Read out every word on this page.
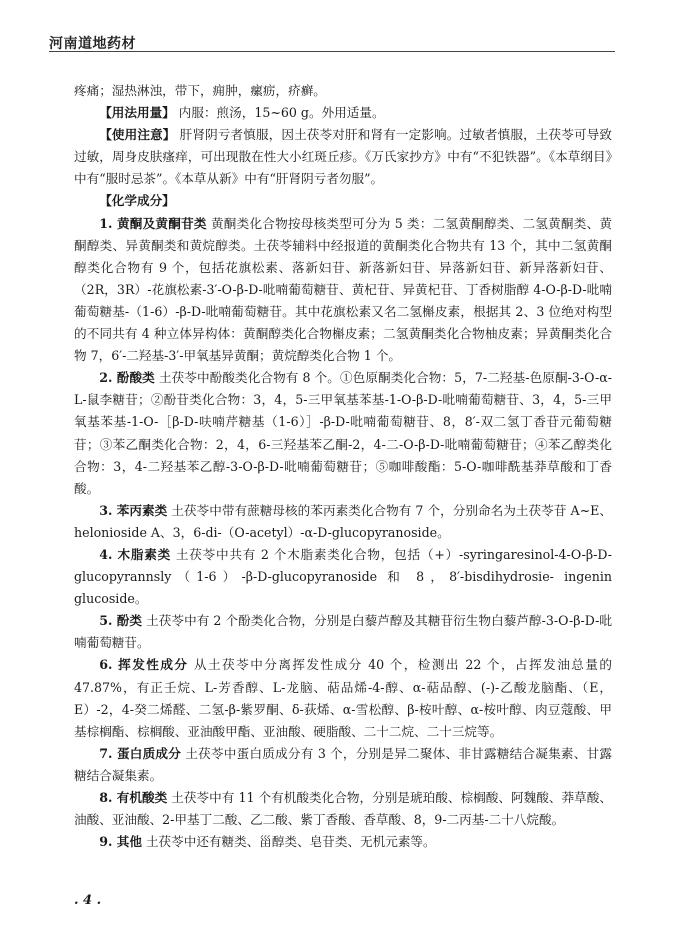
河南道地药材

疼痛；湿热淋浊，带下，痈肿，瘰疬，疥癣。

【用法用量】 内服：煎汤，15~60 g。外用适量。

【使用注意】 肝肾阴亏者慎服，因土茯苓对肝和肾有一定影响。过敏者慎服，土茯苓可导致过敏，周身皮肤瘙痒，可出现散在性大小红斑丘疹。《万氏家抄方》中有“不犯铁器”。《本草纲目》中有“服时忌茶”。《本草从新》中有“肝肾阴亏者勿服”。

【化学成分】

1. 黄酮及黄酮苷类 黄酮类化合物按母核类型可分为 5 类：二氢黄酮醇类、二氢黄酮类、黄酮醇类、异黄酮类和黄烷醇类。土茯苓辅料中经报道的黄酮类化合物共有 13 个，其中二氢黄酮醇类化合物有 9 个，包括花旗松素、落新妇苷、新落新妇苷、异落新妇苷、新异落新妇苷、（2R，3R）-花旗松素-3′-O-β-D-吡喃葡萄糖苷、黄杞苷、异黄杞苷、丁香树脂醇 4-O-β-D-吡喃葡萄糖基-（1-6）-β-D-吡喃葡萄糖苷。其中花旗松素又名二氢槲皮素，根据其 2、3 位绝对构型的不同共有 4 种立体异构体：黄酮醇类化合物槲皮素；二氢黄酮类化合物柚皮素；异黄酮类化合物 7，6′-二羟基-3′-甲氧基异黄酮；黄烷醇类化合物 1 个。

2. 酚酸类 土茯苓中酚酸类化合物有 8 个。①色原酮类化合物：5，7-二羟基-色原酮-3-O-α-L-鼠李糖苷；②酚苷类化合物：3，4，5-三甲氧基苯基-1-O-β-D-吡喃葡萄糖苷、3，4，5-三甲氧基苯基-1-O-［β-D-呋喃芹糖基（1-6）］-β-D-吡喃葡萄糖苷、8，8′-双二氢丁香苷元葡萄糖苷；③苯乙酮类化合物：2，4，6-三羟基苯乙酮-2，4-二-O-β-D-吡喃葡萄糖苷；④苯乙醇类化合物：3，4-二羟基苯乙醇-3-O-β-D-吡喃葡萄糖苷；⑤咖啡酸酯：5-O-咖啡酰基莽草酸和丁香酸。

3. 苯丙素类 土茯苓中带有蔗糖母核的苯丙素类化合物有 7 个，分别命名为土茯苓苷 A~E、helonioside A、3，6-di-（O-acetyl）-α-D-glucopyranoside。

4. 木脂素类 土茯苓中共有 2 个木脂素类化合物，包括（+）-syringaresinol-4-O-β-D-glucopyrannsly（1-6）-β-D-glucopyranoside 和 8，8′-bisdihydrosie- ingenin glucoside。

5. 酚类 土茯苓中有 2 个酚类化合物，分别是白藜芦醇及其糖苷衍生物白藜芦醇-3-O-β-D-吡喃葡萄糖苷。

6. 挥发性成分 从土茯苓中分离挥发性成分 40 个，检测出 22 个，占挥发油总量的 47.87%，有正壬烷、L-芳香醇、L-龙脑、萜品烯-4-醇、α-萜品醇、(-)-乙酸龙脑酯、（E，E）-2，4-癸二烯醛、二氢-β-紫罗酮、δ-荻烯、α-雪松醇、β-桉叶醇、α-桉叶醇、肉豆蔻酸、甲基棕榈酯、棕榈酸、亚油酸甲酯、亚油酸、硬脂酸、二十二烷、二十三烷等。

7. 蛋白质成分 土茯苓中蛋白质成分有 3 个，分别是异二聚体、非甘露糖结合凝集素、甘露糖结合凝集素。

8. 有机酸类 土茯苓中有 11 个有机酸类化合物，分别是琥珀酸、棕榈酸、阿魏酸、莽草酸、油酸、亚油酸、2-甲基丁二酸、乙二酸、紫丁香酸、香草酸、8，9-二丙基-二十八烷酸。

9. 其他 土茯苓中还有糖类、甾醇类、皂苷类、无机元素等。

. 4 .
